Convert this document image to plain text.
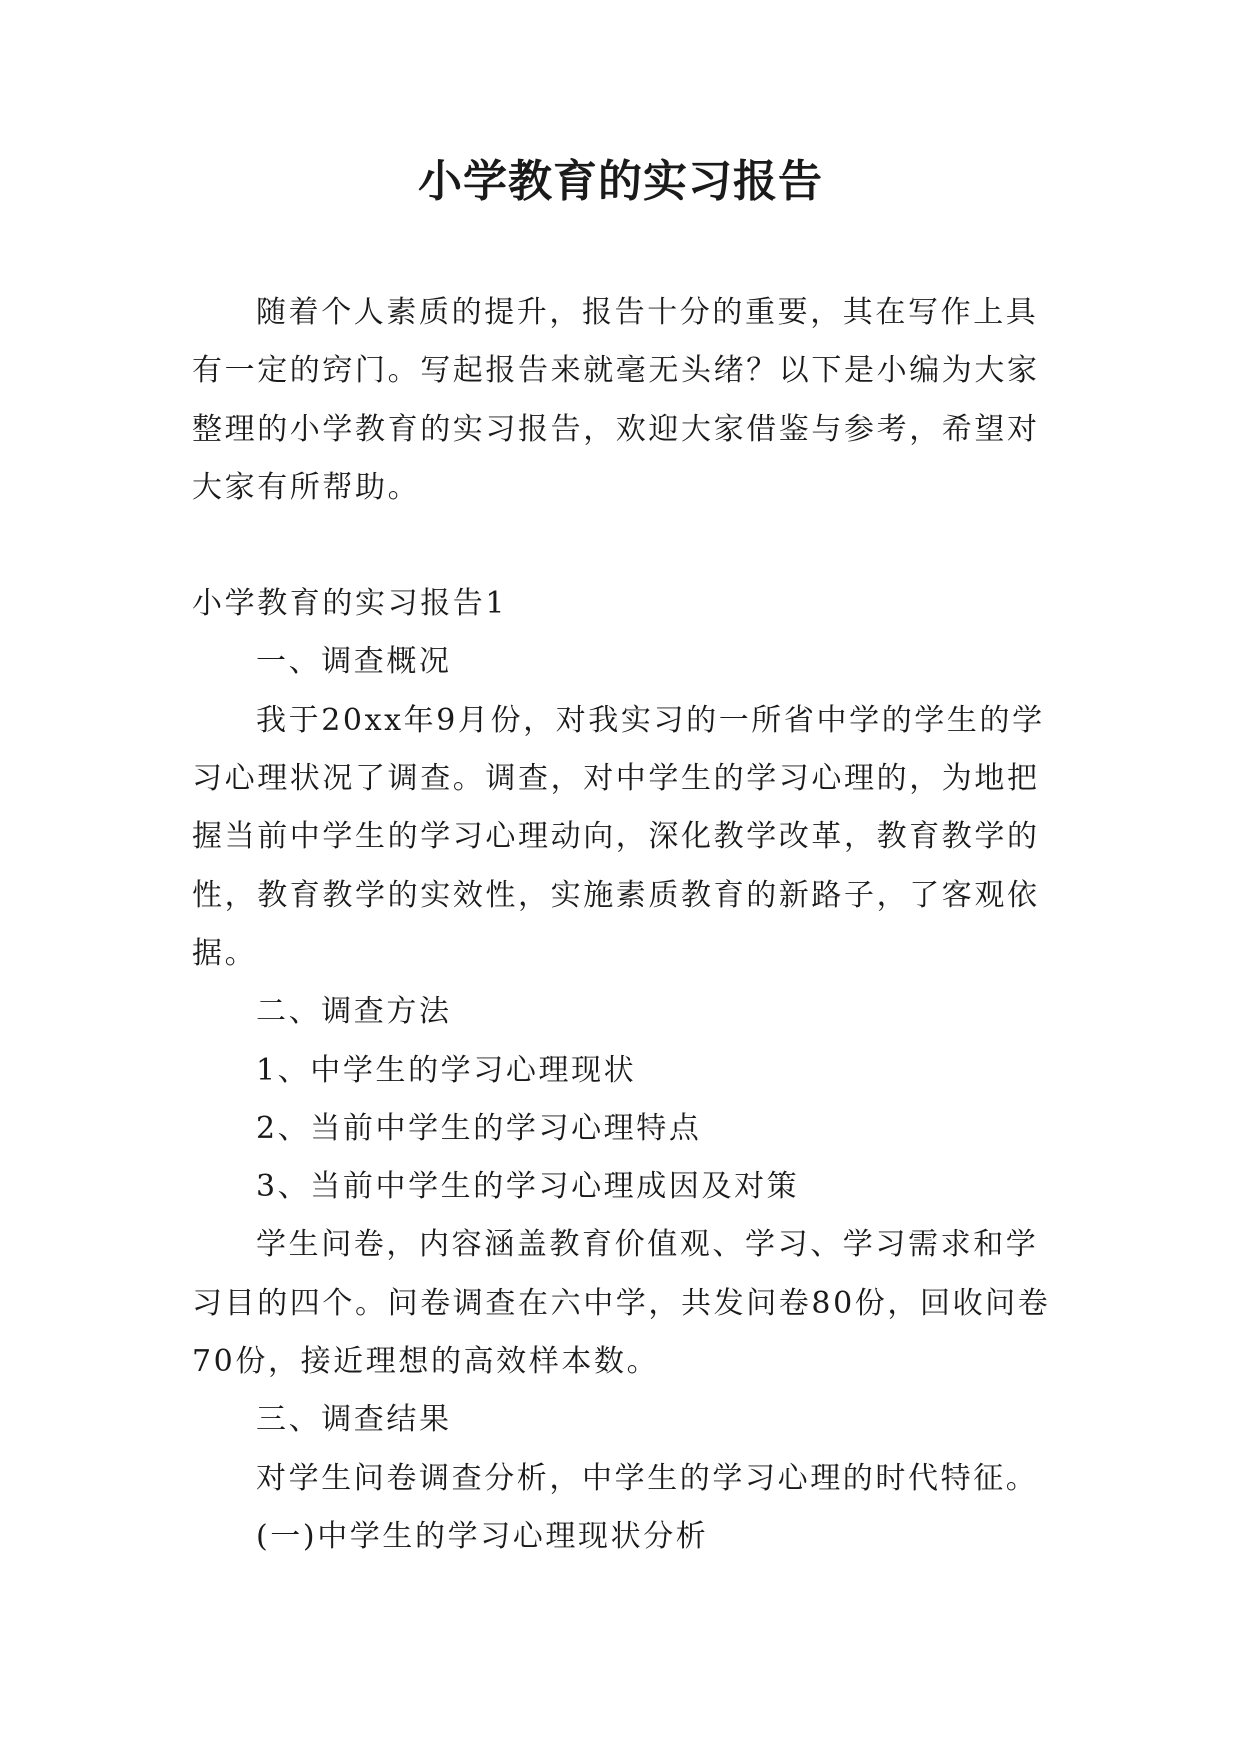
小学教育的实习报告

随着个人素质的提升，报告十分的重要，其在写作上具有一定的窍门。写起报告来就毫无头绪？以下是小编为大家整理的小学教育的实习报告，欢迎大家借鉴与参考，希望对大家有所帮助。

小学教育的实习报告1

一、调查概况

我于20xx年9月份，对我实习的一所省中学的学生的学习心理状况了调查。调查，对中学生的学习心理的，为地把握当前中学生的学习心理动向，深化教学改革，教育教学的性，教育教学的实效性，实施素质教育的新路子，了客观依据。

二、调查方法

1、中学生的学习心理现状

2、当前中学生的学习心理特点

3、当前中学生的学习心理成因及对策

学生问卷，内容涵盖教育价值观、学习、学习需求和学习目的四个。问卷调查在六中学，共发问卷80份，回收问卷70份，接近理想的高效样本数。

三、调查结果

对学生问卷调查分析，中学生的学习心理的时代特征。

(一)中学生的学习心理现状分析
